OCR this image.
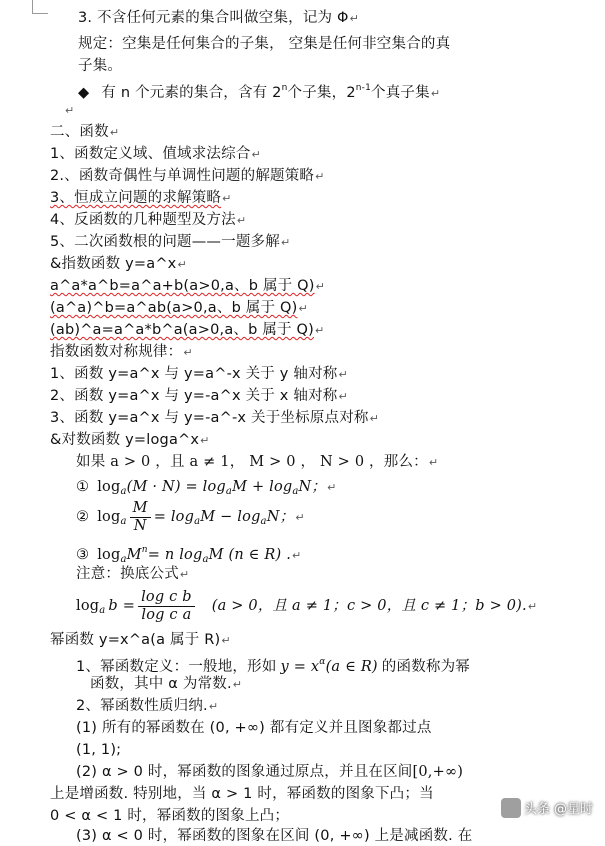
3. 不含任何元素的集合叫做空集，记为 Φ↵
规定：空集是任何集合的子集， 空集是任何非空集合的真
子集。
◆ 有 n 个元素的集合，含有 2$^n$个子集，2$^{n-1}$个真子集↵
↵
二、函数↵
1、函数定义域、值域求法综合↵
2.、函数奇偶性与单调性问题的解题策略↵
3、恒成立问题的求解策略↵
4、反函数的几种题型及方法↵
5、二次函数根的问题——一题多解↵
&指数函数 y=a^x↵
a^a*a^b=a^a+b(a>0,a、b 属于 Q)↵
(a^a)^b=a^ab(a>0,a、b 属于 Q)↵
(ab)^a=a^a*b^a(a>0,a、b 属于 Q)↵
指数函数对称规律：↵
1、函数 y=a^x 与 y=a^-x 关于 y 轴对称↵
2、函数 y=a^x 与 y=-a^x 关于 x 轴对称↵
3、函数 y=a^x 与 y=-a^-x 关于坐标原点对称↵
&对数函数 y=loga^x↵
如果 a > 0 ，且 a ≠ 1， M > 0 ， N > 0 ，那么：↵
① $\log_a(M \cdot N) = \log_aM + \log_aN$；↵
② $\log_a \frac{M}{N} = \log_aM - \log_aN$；↵
③ $\log_aM^n= n$ $\log_aM$ (n ∈ R) .↵
注意：换底公式↵
$\log_a b = \frac{\text{log c b}}{\text{log c a}} (a > 0$，且 a ≠ 1；c > 0，且 c ≠ 1；b > 0).↵
幂函数 y=x^a(a 属于 R)↵
1、幂函数定义：一般地，形如 $y = x^\alpha(a$ ∈ R) 的函数称为幂
函数，其中 α 为常数.↵
2、幂函数性质归纳.↵
(1) 所有的幂函数在 (0, +∞) 都有定义并且图象都过点
(1, 1);
(2) α > 0 时，幂函数的图象通过原点，并且在区间[0,+∞)
上是增函数. 特别地，当 α > 1 时，幂函数的图象下凸；当
0 < α < 1 时，幂函数的图象上凸；
(3) α < 0 时，幂函数的图象在区间 (0, +∞) 上是减函数. 在
头条 @星时
